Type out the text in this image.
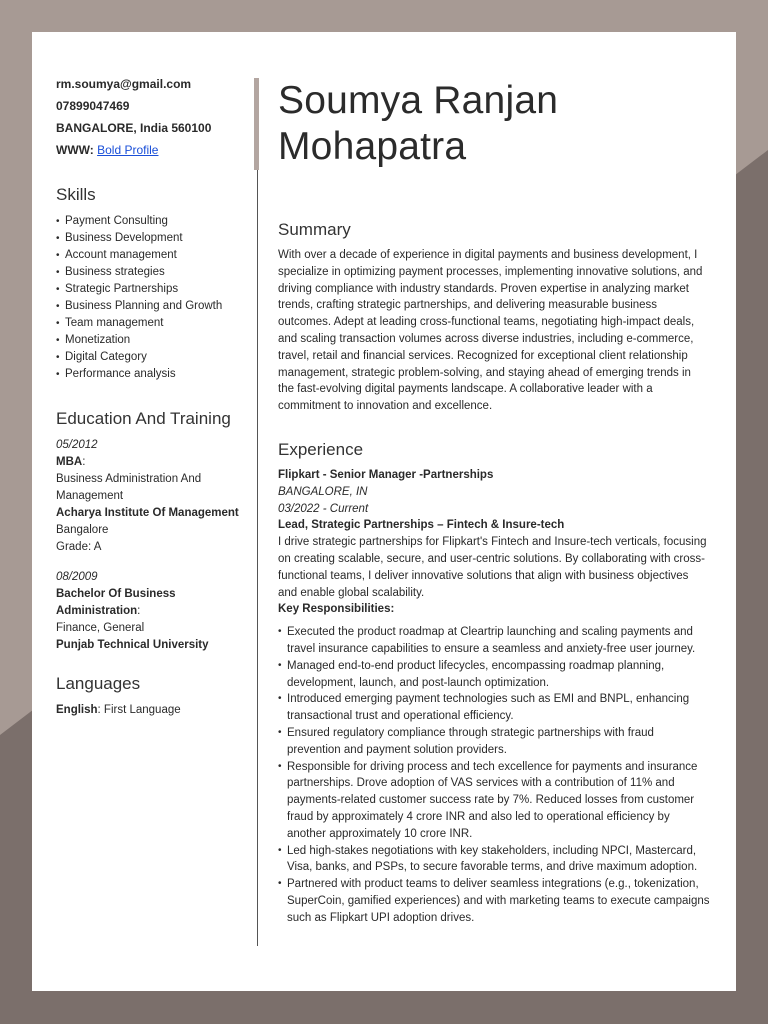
rm.soumya@gmail.com

07899047469

BANGALORE, India 560100

WWW: Bold Profile

Skills
• Payment Consulting
• Business Development
• Account management
• Business strategies
• Strategic Partnerships
• Business Planning and Growth
• Team management
• Monetization
• Digital Category
• Performance analysis
Education And Training
05/2012
MBA:
Business Administration And Management
Acharya Institute Of Management
Bangalore
Grade: A
08/2009
Bachelor Of Business Administration:
Finance, General
Punjab Technical University
Languages
English: First Language
Soumya Ranjan
Mohapatra
Summary

With over a decade of experience in digital payments and business development, I specialize in optimizing payment processes, implementing innovative solutions, and driving compliance with industry standards. Proven expertise in analyzing market trends, crafting strategic partnerships, and delivering measurable business outcomes. Adept at leading cross-functional teams, negotiating high-impact deals, and scaling transaction volumes across diverse industries, including e-commerce, travel, retail and financial services. Recognized for exceptional client relationship management, strategic problem-solving, and staying ahead of emerging trends in the fast-evolving digital payments landscape. A collaborative leader with a commitment to innovation and excellence.

Experience
Flipkart - Senior Manager -Partnerships
BANGALORE, IN
03/2022 - Current
Lead, Strategic Partnerships – Fintech & Insure-tech

I drive strategic partnerships for Flipkart's Fintech and Insure-tech verticals, focusing on creating scalable, secure, and user-centric solutions. By collaborating with cross-functional teams, I deliver innovative solutions that align with business objectives and enable global scalability.

Key Responsibilities:
• Executed the product roadmap at Cleartrip launching and scaling payments and travel insurance capabilities to ensure a seamless and anxiety-free user journey.
• Managed end-to-end product lifecycles, encompassing roadmap planning, development, launch, and post-launch optimization.
• Introduced emerging payment technologies such as EMI and BNPL, enhancing transactional trust and operational efficiency.
• Ensured regulatory compliance through strategic partnerships with fraud prevention and payment solution providers.
• Responsible for driving process and tech excellence for payments and insurance partnerships. Drove adoption of VAS services with a contribution of 11% and payments-related customer success rate by 7%. Reduced losses from customer fraud by approximately 4 crore INR and also led to operational efficiency by another approximately 10 crore INR.
• Led high-stakes negotiations with key stakeholders, including NPCI, Mastercard, Visa, banks, and PSPs, to secure favorable terms, and drive maximum adoption.
• Partnered with product teams to deliver seamless integrations (e.g., tokenization, SuperCoin, gamified experiences) and with marketing teams to execute campaigns such as Flipkart UPI adoption drives.
